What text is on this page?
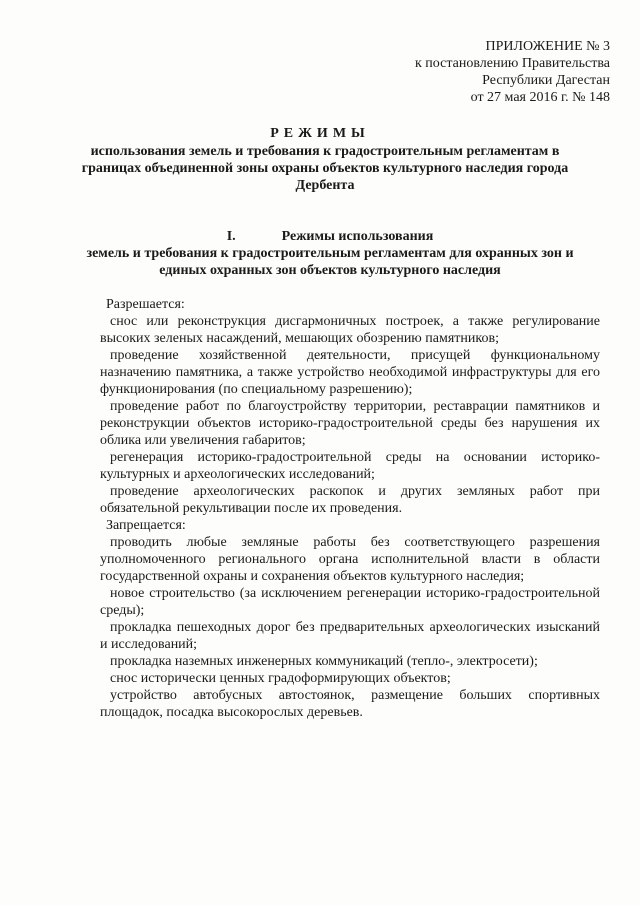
ПРИЛОЖЕНИЕ № 3
к постановлению Правительства
Республики Дагестан
от 27 мая 2016 г. № 148
РЕЖИМЫ
использования земель и требования к градостроительным регламентам в границах объединенной зоны охраны объектов культурного наследия города Дербента
I.	Режимы использования
земель и требования к градостроительным регламентам для охранных зон и единых охранных зон объектов культурного наследия

Разрешается:

снос или реконструкция дисгармоничных построек, а также регулирование высоких зеленых насаждений, мешающих обозрению памятников;

проведение хозяйственной деятельности, присущей функциональному назначению памятника, а также устройство необходимой инфраструктуры для его функционирования (по специальному разрешению);

проведение работ по благоустройству территории, реставрации памятников и реконструкции объектов историко-градостроительной среды без нарушения их облика или увеличения габаритов;

регенерация историко-градостроительной среды на основании историко-культурных и археологических исследований;

проведение археологических раскопок и других земляных работ при обязательной рекультивации после их проведения.

Запрещается:

проводить любые земляные работы без соответствующего разрешения уполномоченного регионального органа исполнительной власти в области государственной охраны и сохранения объектов культурного наследия;

новое строительство (за исключением регенерации историко-градостроительной среды);

прокладка пешеходных дорог без предварительных археологических изысканий и исследований;

прокладка наземных инженерных коммуникаций (тепло-, электросети);

снос исторически ценных градоформирующих объектов;

устройство автобусных автостоянок, размещение больших спортивных площадок, посадка высокорослых деревьев.
